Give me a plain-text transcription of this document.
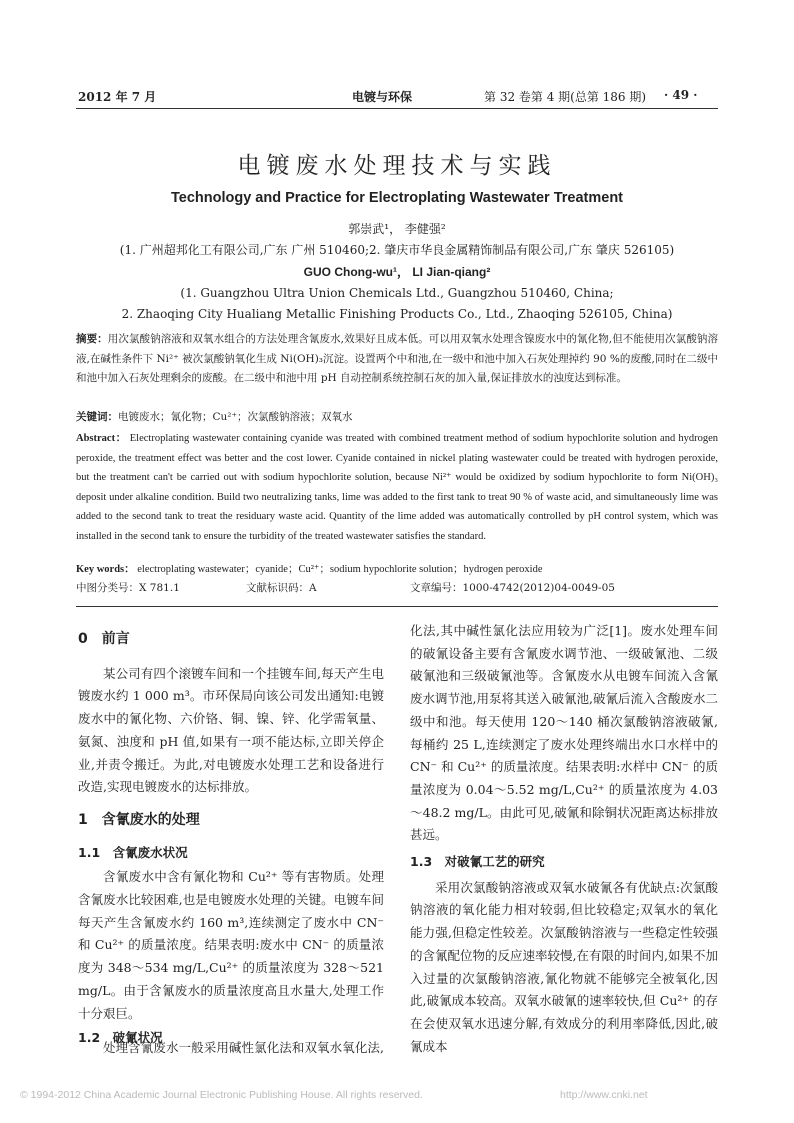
2012 年 7 月	电镀与环保	第 32 卷第 4 期(总第 186 期) · 49 ·
电镀废水处理技术与实践
Technology and Practice for Electroplating Wastewater Treatment
郭崇武¹， 李健强²
(1. 广州超邦化工有限公司,广东 广州 510460;2. 肇庆市华良金属精饰制品有限公司,广东 肇庆 526105)
GUO Chong-wu¹， LI Jian-qiang²
(1. Guangzhou Ultra Union Chemicals Ltd., Guangzhou 510460, China;
2. Zhaoqing City Hualiang Metallic Finishing Products Co., Ltd., Zhaoqing 526105, China)
摘要：用次氯酸钠溶液和双氧水组合的方法处理含氰废水,效果好且成本低。可以用双氧水处理含镍废水中的氰化物,但不能使用次氯酸钠溶液,在碱性条件下 Ni²⁺ 被次氯酸钠氧化生成 Ni(OH)₃沉淀。设置两个中和池,在一级中和池中加入石灰处理掉约 90 %的废酸,同时在二级中和池中加入石灰处理剩余的废酸。在二级中和池中用 pH 自动控制系统控制石灰的加入量,保证排放水的浊度达到标准。
关键词：电镀废水；氰化物；Cu²⁺；次氯酸钠溶液；双氧水
Abstract： Electroplating wastewater containing cyanide was treated with combined treatment method of sodium hypochlorite solution and hydrogen peroxide, the treatment effect was better and the cost lower. Cyanide contained in nickel plating wastewater could be treated with hydrogen peroxide, but the treatment can't be carried out with sodium hypochlorite solution, because Ni²⁺ would be oxidized by sodium hypochlorite to form Ni(OH)₃ deposit under alkaline condition. Build two neutralizing tanks, lime was added to the first tank to treat 90 % of waste acid, and simultaneously lime was added to the second tank to treat the residuary waste acid. Quantity of the lime added was automatically controlled by pH control system, which was installed in the second tank to ensure the turbidity of the treated wastewater satisfies the standard.
Key words： electroplating wastewater；cyanide；Cu²⁺；sodium hypochlorite solution；hydrogen peroxide
中图分类号：X 781.1	文献标识码：A	文章编号：1000-4742(2012)04-0049-05
0　前言

某公司有四个滚镀车间和一个挂镀车间,每天产生电镀废水约 1 000 m³。市环保局向该公司发出通知:电镀废水中的氰化物、六价铬、铜、镍、锌、化学需氧量、氨氮、浊度和 pH 值,如果有一项不能达标,立即关停企业,并责令搬迁。为此,对电镀废水处理工艺和设备进行改造,实现电镀废水的达标排放。

1　含氰废水的处理
1.1　含氰废水状况

含氰废水中含有氰化物和 Cu²⁺ 等有害物质。处理含氰废水比较困难,也是电镀废水处理的关键。电镀车间每天产生含氰废水约 160 m³,连续测定了废水中 CN⁻ 和 Cu²⁺ 的质量浓度。结果表明:废水中 CN⁻ 的质量浓度为 348～534 mg/L,Cu²⁺ 的质量浓度为 328～521 mg/L。由于含氰废水的质量浓度高且水量大,处理工作十分艰巨。

1.2　破氰状况

处理含氰废水一般采用碱性氯化法和双氧水氧化法,

化法,其中碱性氯化法应用较为广泛[1]。废水处理车间的破氰设备主要有含氰废水调节池、一级破氰池、二级破氰池和三级破氰池等。含氰废水从电镀车间流入含氰废水调节池,用泵将其送入破氰池,破氰后流入含酸废水二级中和池。每天使用 120～140 桶次氯酸钠溶液破氰,每桶约 25 L,连续测定了废水处理终端出水口水样中的 CN⁻ 和 Cu²⁺ 的质量浓度。结果表明:水样中 CN⁻ 的质量浓度为 0.04～5.52 mg/L,Cu²⁺ 的质量浓度为 4.03～48.2 mg/L。由此可见,破氰和除铜状况距离达标排放甚远。

1.3　对破氰工艺的研究

采用次氯酸钠溶液或双氧水破氰各有优缺点:次氯酸钠溶液的氧化能力相对较弱,但比较稳定;双氧水的氧化能力强,但稳定性较差。次氯酸钠溶液与一些稳定性较强的含氰配位物的反应速率较慢,在有限的时间内,如果不加入过量的次氯酸钠溶液,氰化物就不能够完全被氧化,因此,破氰成本较高。双氧水破氰的速率较快,但 Cu²⁺ 的存在会使双氧水迅速分解,有效成分的利用率降低,因此,破氰成本

© 1994-2012 China Academic Journal Electronic Publishing House. All rights reserved.	http://www.cnki.net
